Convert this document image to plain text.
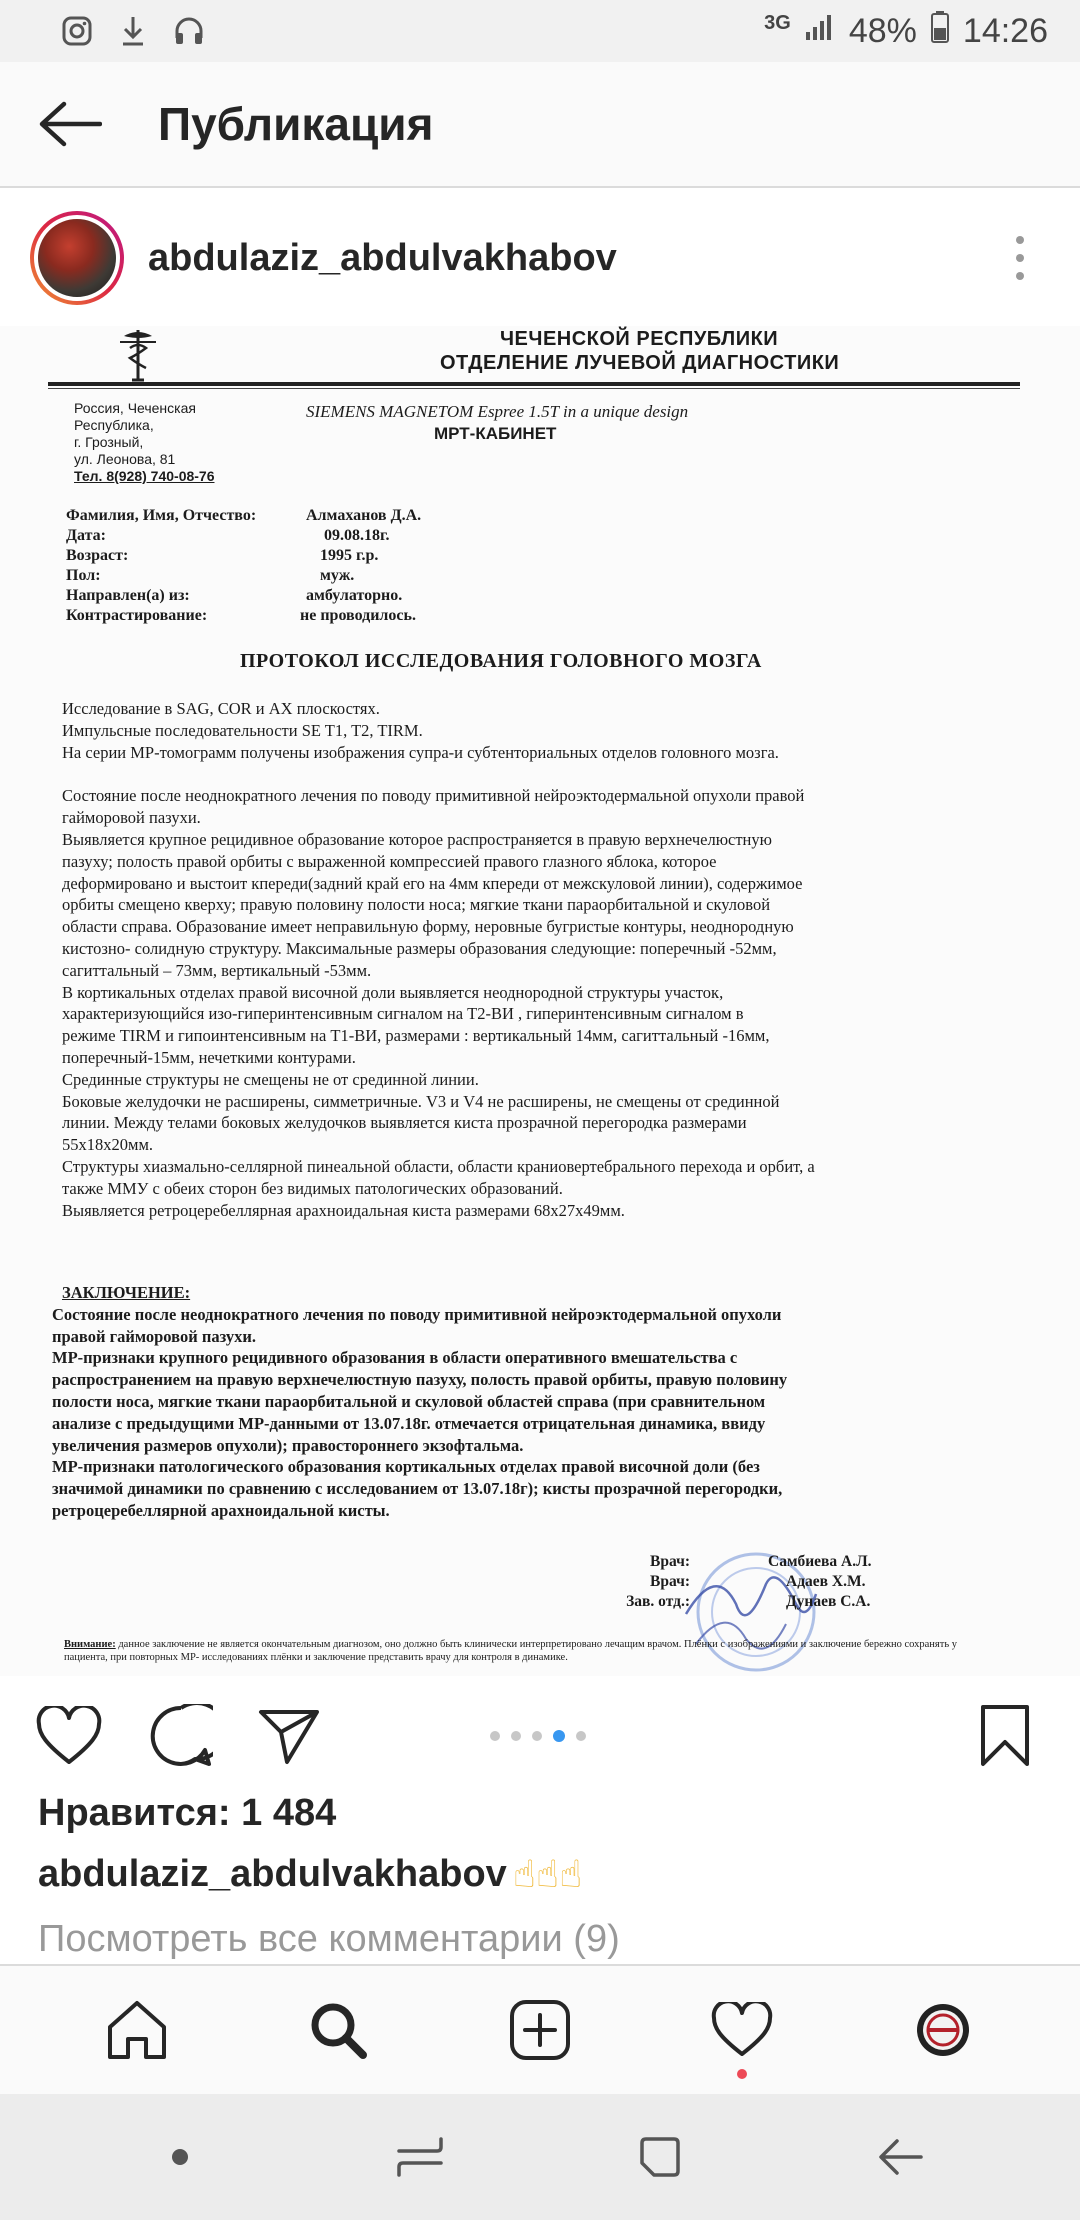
3G 48% 14:26
Публикация
abdulaziz_abdulvakhabov
ЧЕЧЕНСКОЙ РЕСПУБЛИКИ
ОТДЕЛЕНИЕ ЛУЧЕВОЙ ДИАГНОСТИКИ
Россия, Чеченская
Республика,
г. Грозный,
ул. Леонова, 81
Тел. 8(928) 740-08-76
SIEMENS MAGNETOM Espree 1.5T in a unique design
МРТ-КАБИНЕТ
Фамилия, Имя, Отчество:	Алмаханов Д.А.
Дата:	09.08.18г.
Возраст:	1995 г.р.
Пол:	муж.
Направлен(а) из:	амбулаторно.
Контрастирование:	не проводилось.
ПРОТОКОЛ ИССЛЕДОВАНИЯ ГОЛОВНОГО МОЗГА

Исследование в SAG, COR и AX плоскостях.

Импульсные последовательности SE T1, T2, TIRM.

На серии МР-томограмм получены изображения супра-и субтенториальных отделов головного мозга.

Состояние после неоднократного лечения по поводу примитивной нейроэктодермальной опухоли правой

гайморовой пазухи.

Выявляется крупное рецидивное образование которое распространяется в правую верхнечелюстную

пазуху; полость правой орбиты с выраженной компрессией правого глазного яблока, которое

деформировано и выстоит кпереди(задний край его на 4мм кпереди от межскуловой линии), содержимое

орбиты смещено кверху; правую половину полости носа; мягкие ткани параорбитальной и скуловой

области справа. Образование имеет неправильную форму, неровные бугристые контуры, неоднородную

кистозно- солидную структуру. Максимальные размеры образования следующие: поперечный -52мм,

сагиттальный – 73мм, вертикальный -53мм.

В кортикальных отделах правой височной доли выявляется неоднородной структуры участок,

характеризующийся изо-гиперинтенсивным сигналом на Т2-ВИ , гиперинтенсивным сигналом в

режиме TIRM и гипоинтенсивным на Т1-ВИ, размерами : вертикальный 14мм, сагиттальный -16мм,

поперечный-15мм, нечеткими контурами.

Срединные структуры не смещены не от срединной линии.

Боковые желудочки не расширены, симметричные. V3 и V4 не расширены, не смещены от срединной

линии. Между телами боковых желудочков выявляется киста прозрачной перегородка размерами

55х18х20мм.

Структуры хиазмально-селлярной пинеальной области, области краниовертебрального перехода и орбит, а

также ММУ с обеих сторон без видимых патологических образований.

Выявляется ретроцеребеллярная арахноидальная киста размерами 68х27х49мм.

ЗАКЛЮЧЕНИЕ:

Состояние после неоднократного лечения по поводу примитивной нейроэктодермальной опухоли

правой гайморовой пазухи.

МР-признаки крупного рецидивного образования в области оперативного вмешательства с

распространением на правую верхнечелюстную пазуху, полость правой орбиты, правую половину

полости носа, мягкие ткани параорбитальной и скуловой областей справа (при сравнительном

анализе с предыдущими МР-данными от 13.07.18г. отмечается отрицательная динамика, ввиду

увеличения размеров опухоли); правостороннего экзофтальма.

МР-признаки патологического образования кортикальных отделах правой височной доли (без

значимой динамики по сравнению с исследованием от 13.07.18г); кисты прозрачной перегородки,

ретроцеребеллярной арахноидальной кисты.

Врач:	Самбиева А.Л.
Врач:	Адаев Х.М.
Зав. отд.:	Дунаев С.А.
Внимание: данное заключение не является окончательным диагнозом, оно должно быть клинически интерпретировано лечащим врачом. Плёнки с изображениями и заключение бережно сохранять у пациента, при повторных МР- исследованиях плёнки и заключение представить врачу для контроля в динамике.
Нравится: 1 484
abdulaziz_abdulvakhabov ☝☝☝
Посмотреть все комментарии (9)
